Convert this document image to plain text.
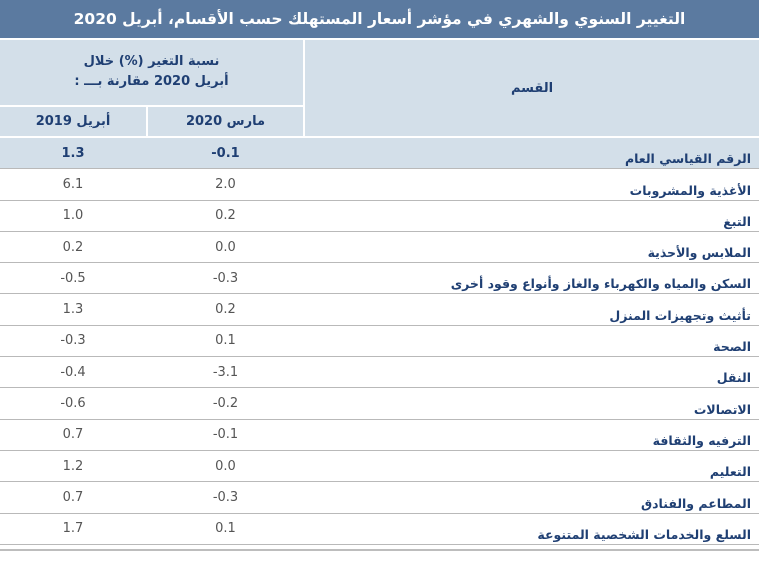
التغيير السنوي والشهري في مؤشر أسعار المستهلك حسب الأقسام، أبريل 2020
القسم
نسبة التغير (%) خلال
أبريل 2020 مقارنة بـــ :
مارس 2020
أبريل 2019
الرقم القياسي العام
-0.1
1.3
الأغذية والمشروبات
2.0
6.1
التبغ
0.2
1.0
الملابس والأحذية
0.0
0.2
السكن والمياه والكهرباء والغاز وأنواع وقود أخرى
-0.3
-0.5
تأثيث وتجهيزات المنزل
0.2
1.3
الصحة
0.1
-0.3
النقل
-3.1
-0.4
الاتصالات
-0.2
-0.6
الترفيه والثقافة
-0.1
0.7
التعليم
0.0
1.2
المطاعم والفنادق
-0.3
0.7
السلع والخدمات الشخصية المتنوعة
0.1
1.7
